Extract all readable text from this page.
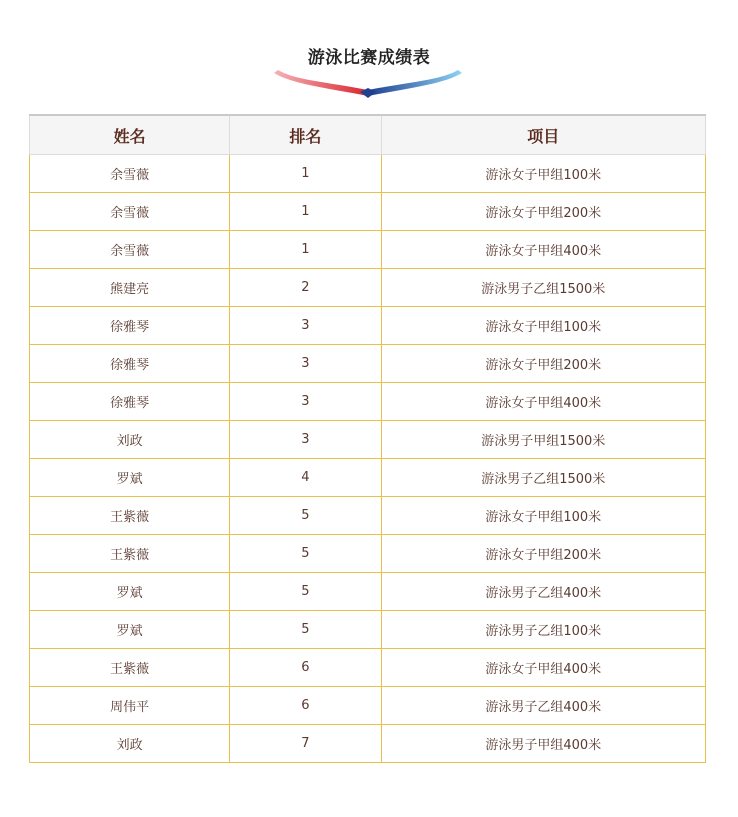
游泳比赛成绩表
姓名	排名	项目
余雪薇	1	游泳女子甲组100米
余雪薇	1	游泳女子甲组200米
余雪薇	1	游泳女子甲组400米
熊建亮	2	游泳男子乙组1500米
徐雅琴	3	游泳女子甲组100米
徐雅琴	3	游泳女子甲组200米
徐雅琴	3	游泳女子甲组400米
刘政	3	游泳男子甲组1500米
罗斌	4	游泳男子乙组1500米
王紫薇	5	游泳女子甲组100米
王紫薇	5	游泳女子甲组200米
罗斌	5	游泳男子乙组400米
罗斌	5	游泳男子乙组100米
王紫薇	6	游泳女子甲组400米
周伟平	6	游泳男子乙组400米
刘政	7	游泳男子甲组400米
